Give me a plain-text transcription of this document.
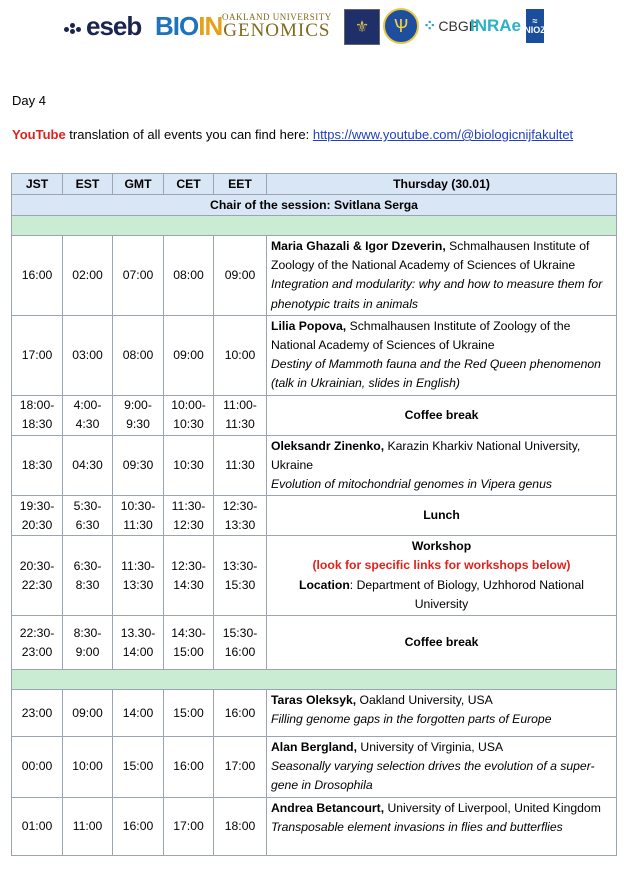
eseb BIO IN OAKLAND UNIVERSITY
GENOMICS	⚜	Ѱ ⁘ CBGP
INRAe ≈
NIOZ
Day 4
YouTube translation of all events you can find here: https://www.youtube.com/@biologicnijfakultet
JST	EST	GMT	CET	EET	Thursday (30.01)
Chair of the session: Svitlana Serga					

16:00	02:00	07:00	08:00	09:00	Maria Ghazali & Igor Dzeverin, Schmalhausen Institute of Zoology of the National Academy of Sciences of Ukraine
Integration and modularity: why and how to measure them for phenotypic traits in animals
17:00	03:00	08:00	09:00	10:00	Lilia Popova, Schmalhausen Institute of Zoology of the National Academy of Sciences of Ukraine
Destiny of Mammoth fauna and the Red Queen phenomenon (talk in Ukrainian, slides in English)
18:00-18:30	4:00-4:30	9:00-9:30	10:00-10:30	11:00-11:30	Coffee break
18:30	04:30	09:30	10:30	11:30	Oleksandr Zinenko, Karazin Kharkiv National University, Ukraine
Evolution of mitochondrial genomes in Vipera genus
19:30-20:30	5:30-6:30	10:30-11:30	11:30-12:30	12:30-13:30	Lunch
20:30-22:30	6:30-8:30	11:30-13:30	12:30-14:30	13:30-15:30	Workshop
(look for specific links for workshops below)
Location: Department of Biology, Uzhhorod National University
22:30-23:00	8:30-9:00	13.30-14:00	14:30-15:00	15:30-16:00	Coffee break

23:00	09:00	14:00	15:00	16:00	Taras Oleksyk, Oakland University, USA
Filling genome gaps in the forgotten parts of Europe
00:00	10:00	15:00	16:00	17:00	Alan Bergland, University of Virginia, USA
Seasonally varying selection drives the evolution of a super-gene in Drosophila
01:00	11:00	16:00	17:00	18:00	Andrea Betancourt, University of Liverpool, United Kingdom
Transposable element invasions in flies and butterflies
